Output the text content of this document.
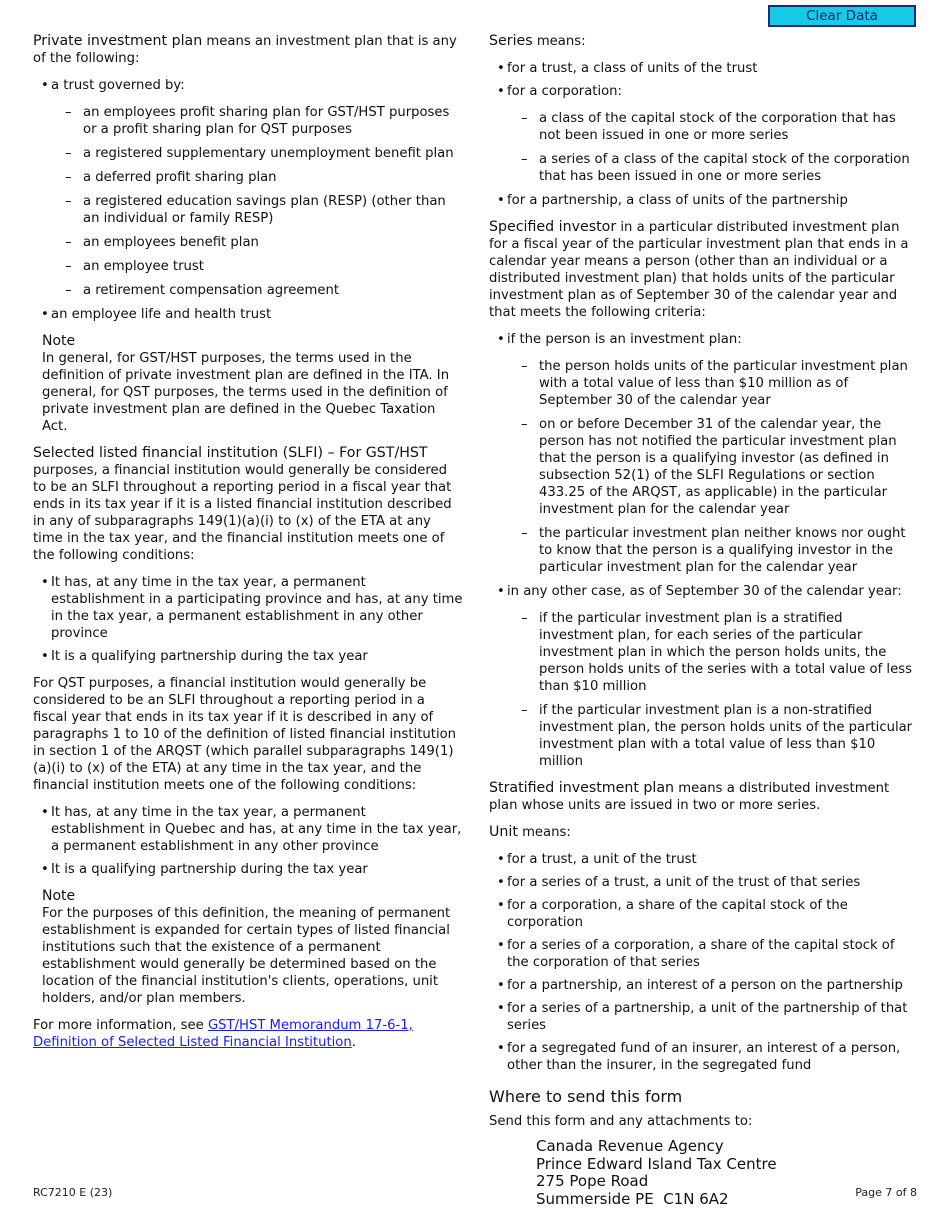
Clear Data

Private investment plan means an investment plan that is any of the following:

• a trust governed by:
– an employees profit sharing plan for GST/HST purposes or a profit sharing plan for QST purposes
– a registered supplementary unemployment benefit plan
– a deferred profit sharing plan
– a registered education savings plan (RESP) (other than an individual or family RESP)
– an employees benefit plan
– an employee trust
– a retirement compensation agreement
• an employee life and health trust
Note
In general, for GST/HST purposes, the terms used in the definition of private investment plan are defined in the ITA. In general, for QST purposes, the terms used in the definition of private investment plan are defined in the Quebec Taxation Act.

Selected listed financial institution (SLFI) – For GST/HST purposes, a financial institution would generally be considered to be an SLFI throughout a reporting period in a fiscal year that ends in its tax year if it is a listed financial institution described in any of subparagraphs 149(1)(a)(i) to (x) of the ETA at any time in the tax year, and the financial institution meets one of the following conditions:

• It has, at any time in the tax year, a permanent establishment in a participating province and has, at any time in the tax year, a permanent establishment in any other province
• It is a qualifying partnership during the tax year

For QST purposes, a financial institution would generally be considered to be an SLFI throughout a reporting period in a fiscal year that ends in its tax year if it is described in any of paragraphs 1 to 10 of the definition of listed financial institution in section 1 of the ARQST (which parallel subparagraphs 149(1)(a)(i) to (x) of the ETA) at any time in the tax year, and the financial institution meets one of the following conditions:

• It has, at any time in the tax year, a permanent establishment in Quebec and has, at any time in the tax year, a permanent establishment in any other province
• It is a qualifying partnership during the tax year
Note
For the purposes of this definition, the meaning of permanent establishment is expanded for certain types of listed financial institutions such that the existence of a permanent establishment would generally be determined based on the location of the financial institution's clients, operations, unit holders, and/or plan members.

For more information, see GST/HST Memorandum 17-6-1, Definition of Selected Listed Financial Institution.

Series means:

• for a trust, a class of units of the trust
• for a corporation:
– a class of the capital stock of the corporation that has not been issued in one or more series
– a series of a class of the capital stock of the corporation that has been issued in one or more series
• for a partnership, a class of units of the partnership

Specified investor in a particular distributed investment plan for a fiscal year of the particular investment plan that ends in a calendar year means a person (other than an individual or a distributed investment plan) that holds units of the particular investment plan as of September 30 of the calendar year and that meets the following criteria:

• if the person is an investment plan:
– the person holds units of the particular investment plan with a total value of less than $10 million as of September 30 of the calendar year
– on or before December 31 of the calendar year, the person has not notified the particular investment plan that the person is a qualifying investor (as defined in subsection 52(1) of the SLFI Regulations or section 433.25 of the ARQST, as applicable) in the particular investment plan for the calendar year
– the particular investment plan neither knows nor ought to know that the person is a qualifying investor in the particular investment plan for the calendar year
• in any other case, as of September 30 of the calendar year:
– if the particular investment plan is a stratified investment plan, for each series of the particular investment plan in which the person holds units, the person holds units of the series with a total value of less than $10 million
– if the particular investment plan is a non-stratified investment plan, the person holds units of the particular investment plan with a total value of less than $10 million

Stratified investment plan means a distributed investment plan whose units are issued in two or more series.

Unit means:

• for a trust, a unit of the trust
• for a series of a trust, a unit of the trust of that series
• for a corporation, a share of the capital stock of the corporation
• for a series of a corporation, a share of the capital stock of the corporation of that series
• for a partnership, an interest of a person on the partnership
• for a series of a partnership, a unit of the partnership of that series
• for a segregated fund of an insurer, an interest of a person, other than the insurer, in the segregated fund
Where to send this form

Send this form and any attachments to:

Canada Revenue Agency
Prince Edward Island Tax Centre
275 Pope Road
Summerside PE  C1N 6A2
RC7210 E (23)	Page 7 of 8
